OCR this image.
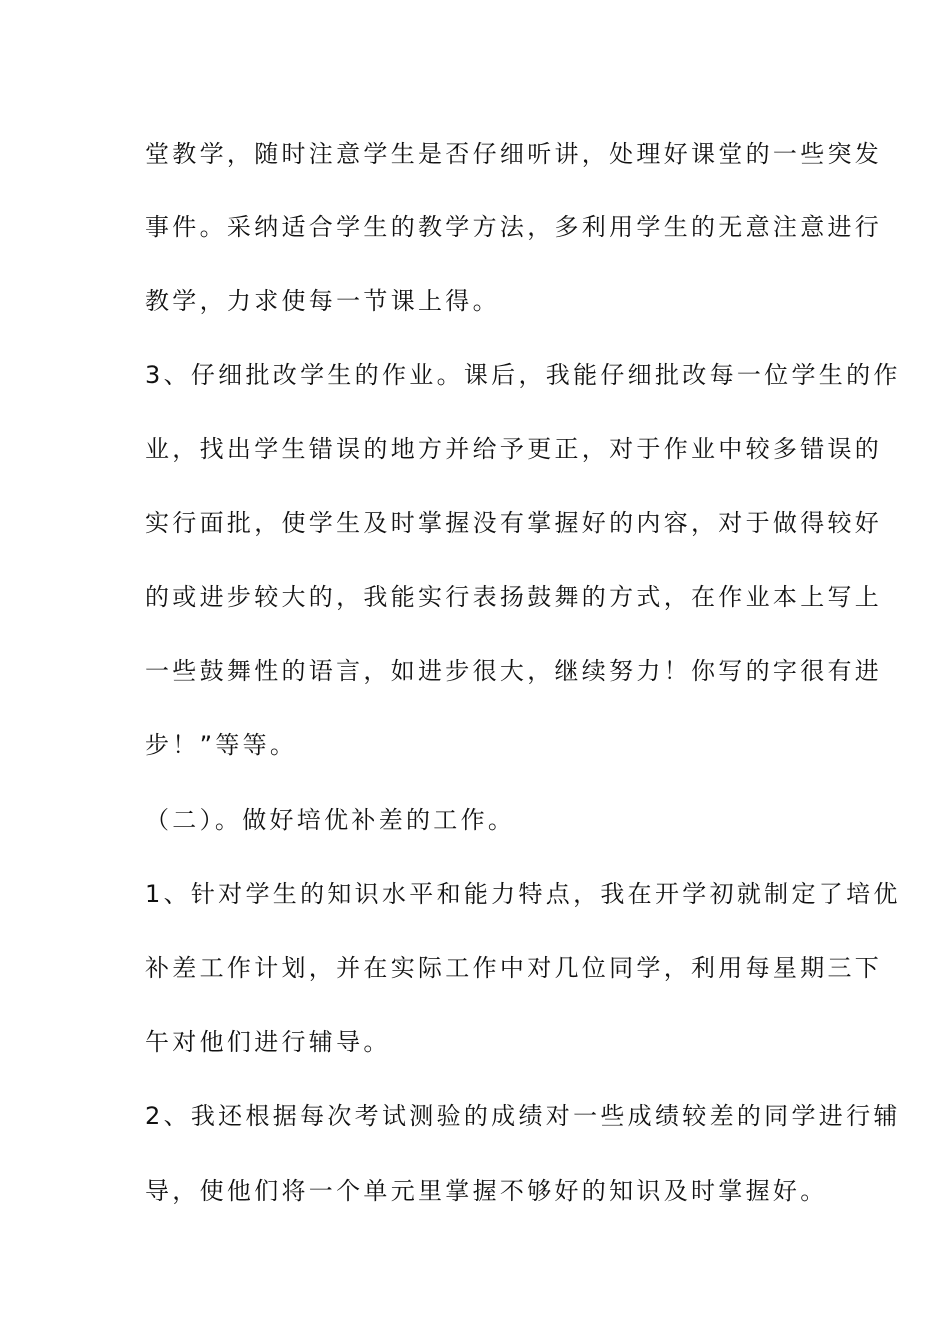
堂教学，随时注意学生是否仔细听讲，处理好课堂的一些突发
事件。采纳适合学生的教学方法，多利用学生的无意注意进行
教学，力求使每一节课上得。
3、仔细批改学生的作业。课后，我能仔细批改每一位学生的作
业，找出学生错误的地方并给予更正，对于作业中较多错误的
实行面批，使学生及时掌握没有掌握好的内容，对于做得较好
的或进步较大的，我能实行表扬鼓舞的方式，在作业本上写上
一些鼓舞性的语言，如进步很大，继续努力！你写的字很有进
步！”等等。
（二）。做好培优补差的工作。
1、针对学生的知识水平和能力特点，我在开学初就制定了培优
补差工作计划，并在实际工作中对几位同学，利用每星期三下
午对他们进行辅导。
2、我还根据每次考试测验的成绩对一些成绩较差的同学进行辅
导，使他们将一个单元里掌握不够好的知识及时掌握好。
